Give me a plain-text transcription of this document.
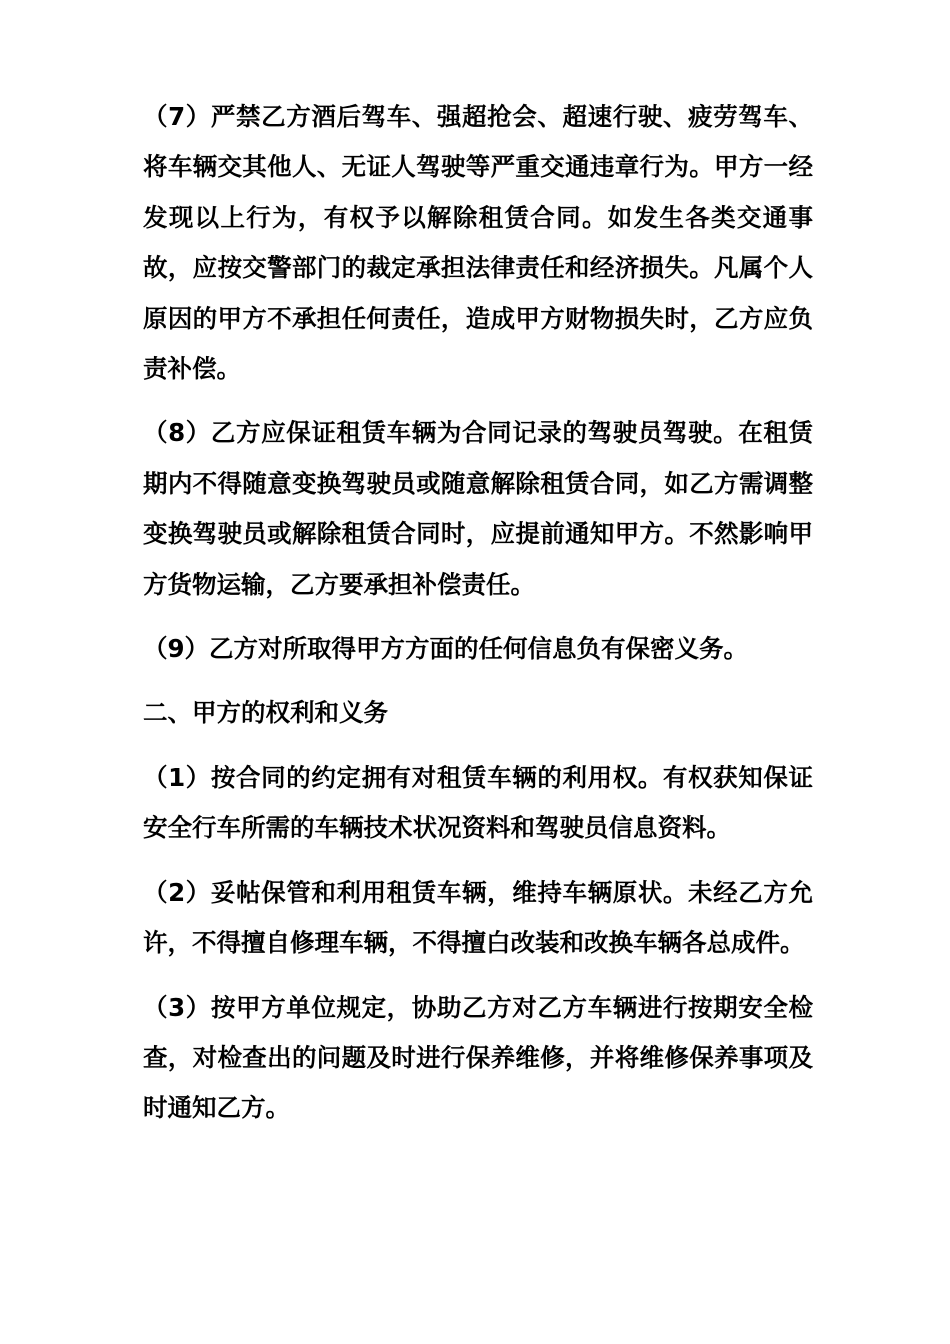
（7）严禁乙方酒后驾车、强超抢会、超速行驶、疲劳驾车、将车辆交其他人、无证人驾驶等严重交通违章行为。甲方一经发现以上行为，有权予以解除租赁合同。如发生各类交通事故，应按交警部门的裁定承担法律责任和经济损失。凡属个人原因的甲方不承担任何责任，造成甲方财物损失时，乙方应负责补偿。

（8）乙方应保证租赁车辆为合同记录的驾驶员驾驶。在租赁期内不得随意变换驾驶员或随意解除租赁合同，如乙方需调整变换驾驶员或解除租赁合同时，应提前通知甲方。不然影响甲方货物运输，乙方要承担补偿责任。

（9）乙方对所取得甲方方面的任何信息负有保密义务。

二、甲方的权利和义务

（1）按合同的约定拥有对租赁车辆的利用权。有权获知保证安全行车所需的车辆技术状况资料和驾驶员信息资料。

（2）妥帖保管和利用租赁车辆，维持车辆原状。未经乙方允许，不得擅自修理车辆，不得擅白改装和改换车辆各总成件。

（3）按甲方单位规定，协助乙方对乙方车辆进行按期安全检查，对检查出的问题及时进行保养维修，并将维修保养事项及时通知乙方。
